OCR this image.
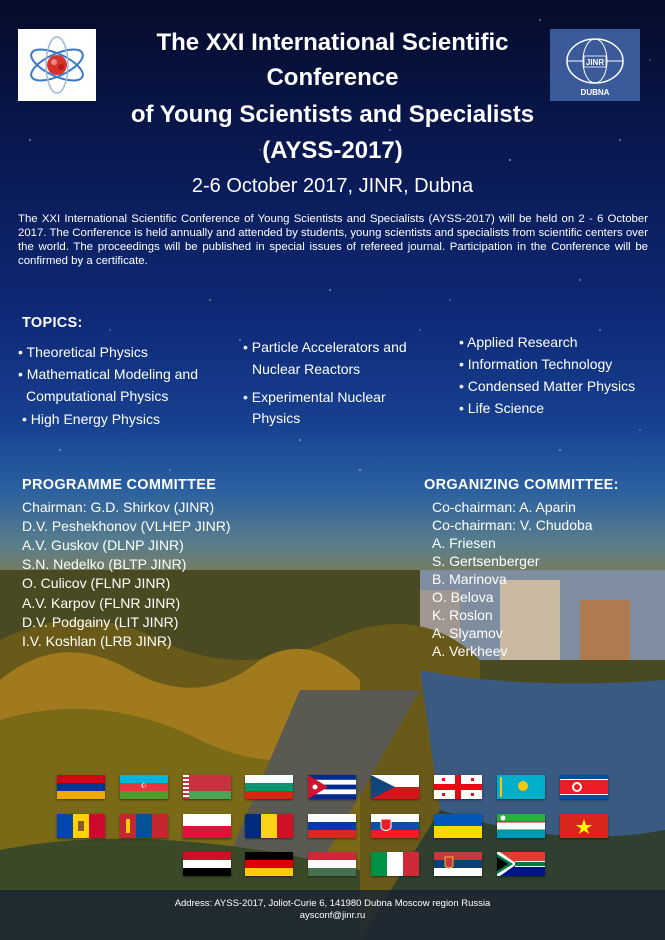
JINR
DUBNA
The XXI International Scientific
Conference
of Young Scientists and Specialists
(AYSS-2017)
2-6 October 2017, JINR, Dubna
The XXI International Scientific Conference of Young Scientists and Specialists (AYSS-2017) will be held on 2 - 6 October 2017. The Conference is held annually and attended by students, young scientists and specialists from scientific centers over the world. The proceedings will be published in special issues of refereed journal. Participation in the Conference will be confirmed by a certificate.
TOPICS:
• Theoretical Physics
• Mathematical Modeling and
Computational Physics
• High Energy Physics
• Particle Accelerators and
Nuclear Reactors
• Experimental Nuclear
Physics
• Applied Research
• Information Technology
• Condensed Matter Physics
• Life Science
PROGRAMME COMMITTEE
Chairman: G.D. Shirkov (JINR)
D.V. Peshekhonov (VLHEP JINR)
A.V. Guskov (DLNP JINR)
S.N. Nedelko (BLTP JINR)
O. Culicov (FLNP JINR)
A.V. Karpov (FLNR JINR)
D.V. Podgainy (LIT JINR)
I.V. Koshlan (LRB JINR)
ORGANIZING COMMITTEE:
Co-chairman: A. Aparin
Co-chairman: V. Chudoba
A. Friesen
S. Gertsenberger
B. Marinova
O. Belova
K. Roslon
A. Slyamov
A. Verkheev
☪
Address: AYSS-2017, Joliot-Curie 6, 141980 Dubna Moscow region Russia
aysconf@jinr.ru
